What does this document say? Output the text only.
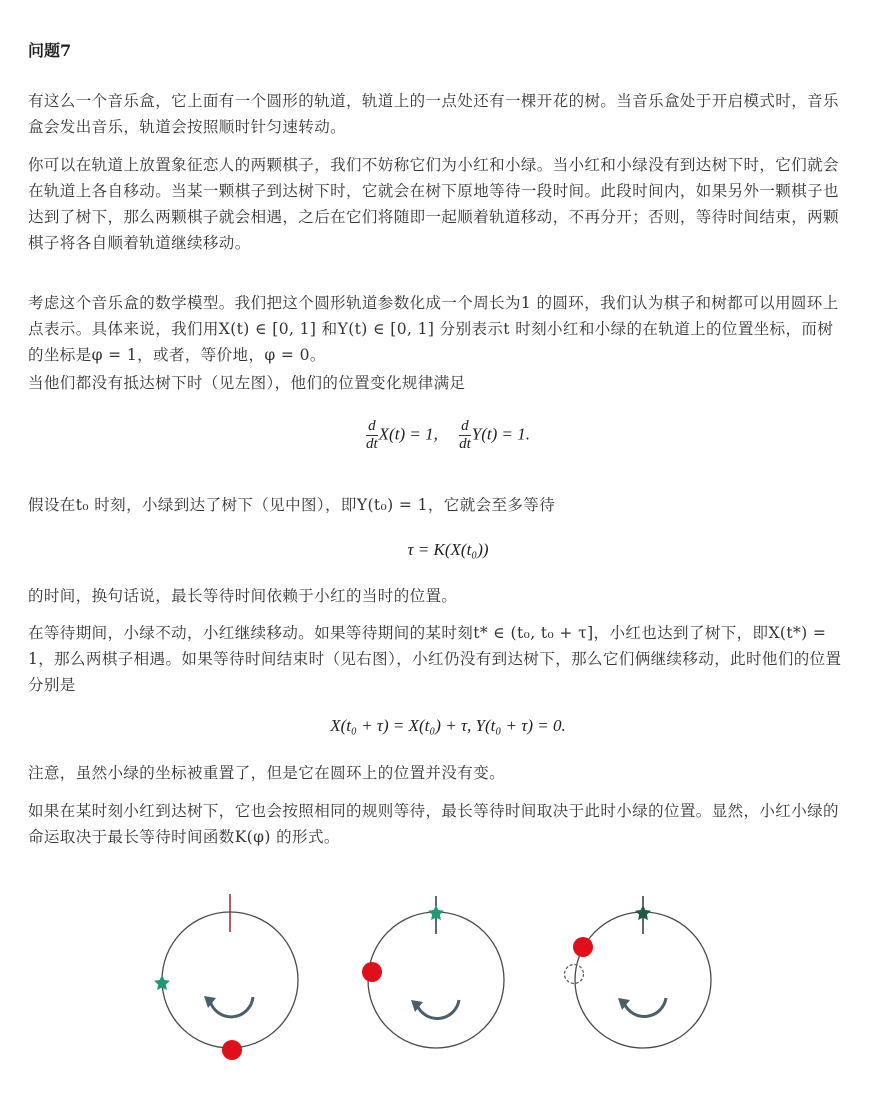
问题7
有这么一个音乐盒，它上面有一个圆形的轨道，轨道上的一点处还有一棵开花的树。当音乐盒处于开启模式时，音乐盒会发出音乐，轨道会按照顺时针匀速转动。
你可以在轨道上放置象征恋人的两颗棋子，我们不妨称它们为小红和小绿。当小红和小绿没有到达树下时，它们就会在轨道上各自移动。当某一颗棋子到达树下时，它就会在树下原地等待一段时间。此段时间内，如果另外一颗棋子也达到了树下，那么两颗棋子就会相遇，之后在它们将随即一起顺着轨道移动，不再分开；否则，等待时间结束，两颗棋子将各自顺着轨道继续移动。
考虑这个音乐盒的数学模型。我们把这个圆形轨道参数化成一个周长为1 的圆环，我们认为棋子和树都可以用圆环上点表示。具体来说，我们用X(t) ∈ [0, 1] 和Y(t) ∈ [0, 1] 分别表示t 时刻小红和小绿的在轨道上的位置坐标，而树的坐标是φ = 1，或者，等价地，φ = 0。
当他们都没有抵达树下时（见左图），他们的位置变化规律满足
$\frac{d}{dt} X(t) = 1$, $\frac{d}{dt} Y(t) = 1$.
假设在t₀ 时刻，小绿到达了树下（见中图），即Y(t₀) = 1，它就会至多等待
τ = K(X(t₀))
的时间，换句话说，最长等待时间依赖于小红的当时的位置。
在等待期间，小绿不动，小红继续移动。如果等待期间的某时刻t* ∈ (t₀, t₀ + τ]，小红也达到了树下，即X(t*) = 1，那么两棋子相遇。如果等待时间结束时（见右图），小红仍没有到达树下，那么它们俩继续移动，此时他们的位置分别是
X(t₀ + τ) = X(t₀) + τ, Y(t₀ + τ) = 0.
注意，虽然小绿的坐标被重置了，但是它在圆环上的位置并没有变。
如果在某时刻小红到达树下，它也会按照相同的规则等待，最长等待时间取决于此时小绿的位置。显然，小红小绿的命运取决于最长等待时间函数K(φ) 的形式。
